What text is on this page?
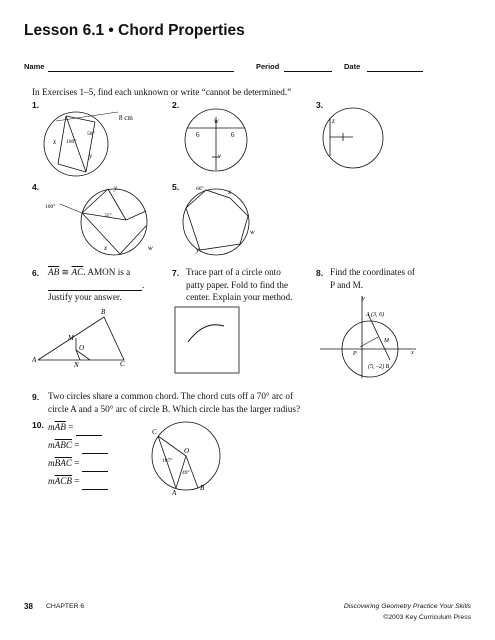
Lesson 6.1 • Chord Properties
Name	Period	Date
In Exercises 1–5, find each unknown or write “cannot be determined.”
1.	2.	3.
4.	5.
8 cm
50°
100°
x
y
w
6	6
v
z
y
100°
35°
x	w
66°	x
w
y
6. $\overline{AB}$ ≅ $\overline{AC}$. AMON is a
.
Justify your answer.
A
B
C
M
N
O
7. Trace part of a circle onto
patty paper. Fold to find the
center. Explain your method.
8. Find the coordinates of
P and M.
y
x
A (3, 6)
M
P
(5, –2) B
9. Two circles share a common chord. The chord cuts off a 70° arc of
circle A and a 50° arc of circle B. Which circle has the larger radius?
10. $m\overline{AB}$ =
$m\overline{ABC}$ =
$m\overline{BAC}$ =
$m\overline{ACB}$ =
C
O
107°
49°
A
B
38 CHAPTER 6	Discovering Geometry Practice Your Skills
©2003 Key Curriculum Press
